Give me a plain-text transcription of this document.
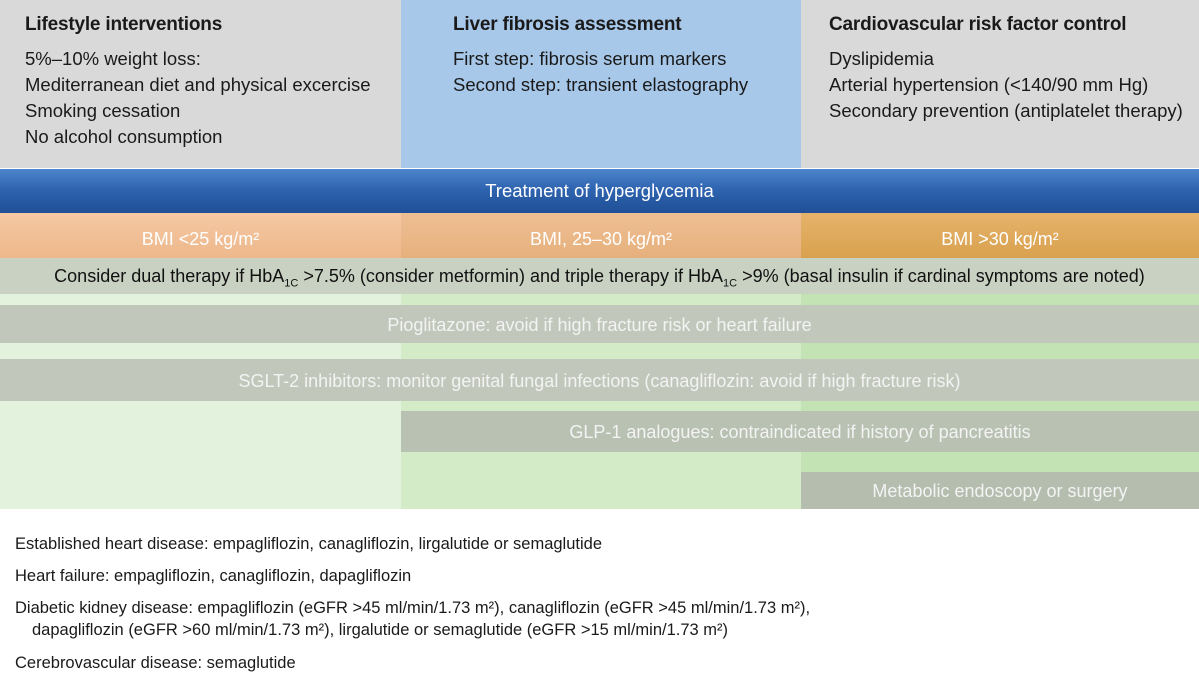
Lifestyle interventions
5%–10% weight loss:
Mediterranean diet and physical excercise
Smoking cessation
No alcohol consumption
Liver fibrosis assessment
First step: fibrosis serum markers
Second step: transient elastography
Cardiovascular risk factor control
Dyslipidemia
Arterial hypertension (<140/90 mm Hg)
Secondary prevention (antiplatelet therapy)
Treatment of hyperglycemia
BMI <25 kg/m²	BMI, 25–30 kg/m²	BMI >30 kg/m²
Consider dual therapy if HbA$_{1C}$ >7.5% (consider metformin) and triple therapy if HbA$_{1C}$ >9% (basal insulin if cardinal symptoms are noted)
Pioglitazone: avoid if high fracture risk or heart failure
SGLT-2 inhibitors: monitor genital fungal infections (canagliflozin: avoid if high fracture risk)
GLP-1 analogues: contraindicated if history of pancreatitis
Metabolic endoscopy or surgery
Established heart disease: empagliflozin, canagliflozin, lirgalutide or semaglutide
Heart failure: empagliflozin, canagliflozin, dapagliflozin
Diabetic kidney disease: empagliflozin (eGFR >45 ml/min/1.73 m²), canagliflozin (eGFR >45 ml/min/1.73 m²),
dapagliflozin (eGFR >60 ml/min/1.73 m²), lirgalutide or semaglutide (eGFR >15 ml/min/1.73 m²)
Cerebrovascular disease: semaglutide
